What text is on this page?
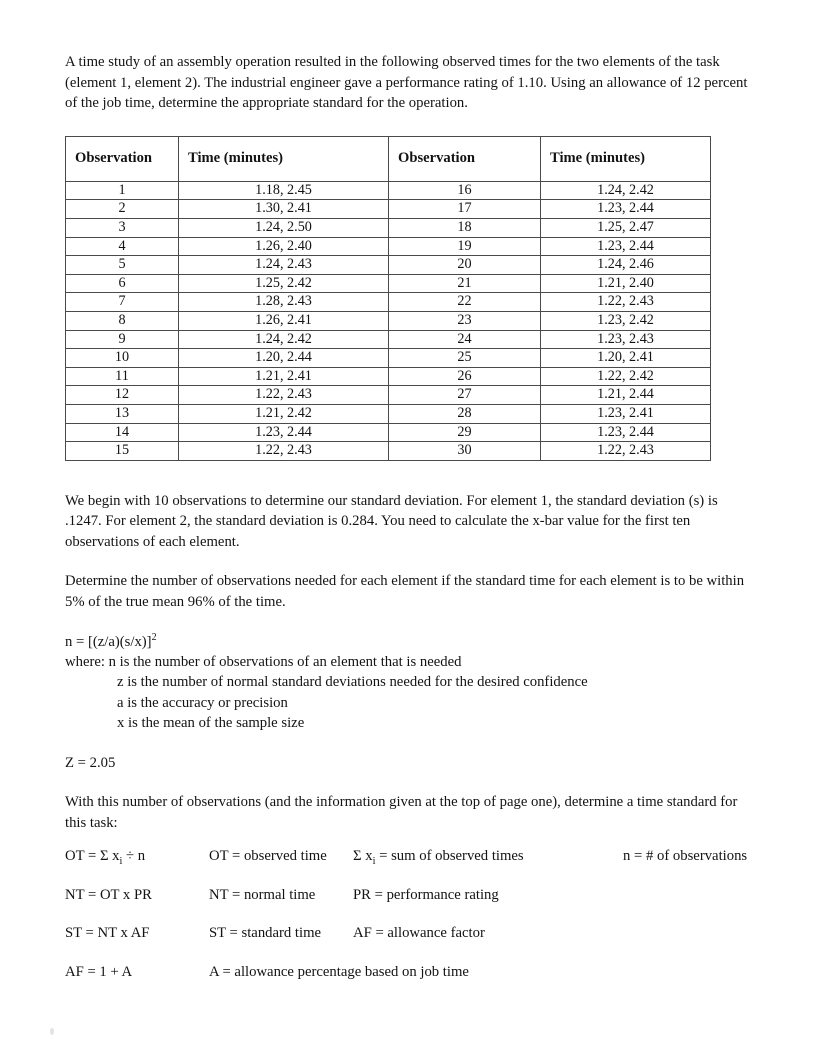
A time study of an assembly operation resulted in the following observed times for the two elements of the task (element 1, element 2). The industrial engineer gave a performance rating of 1.10. Using an allowance of 12 percent of the job time, determine the appropriate standard for the operation.

Observation	Time (minutes)	Observation	Time (minutes)
1	1.18, 2.45	16	1.24, 2.42
2	1.30, 2.41	17	1.23, 2.44
3	1.24, 2.50	18	1.25, 2.47
4	1.26, 2.40	19	1.23, 2.44
5	1.24, 2.43	20	1.24, 2.46
6	1.25, 2.42	21	1.21, 2.40
7	1.28, 2.43	22	1.22, 2.43
8	1.26, 2.41	23	1.23, 2.42
9	1.24, 2.42	24	1.23, 2.43
10	1.20, 2.44	25	1.20, 2.41
11	1.21, 2.41	26	1.22, 2.42
12	1.22, 2.43	27	1.21, 2.44
13	1.21, 2.42	28	1.23, 2.41
14	1.23, 2.44	29	1.23, 2.44
15	1.22, 2.43	30	1.22, 2.43

We begin with 10 observations to determine our standard deviation. For element 1, the standard deviation (s) is .1247. For element 2, the standard deviation is 0.284. You need to calculate the x-bar value for the first ten observations of each element.

Determine the number of observations needed for each element if the standard time for each element is to be within 5% of the true mean 96% of the time.

$n = [(z/a)(s/x)]^2$
where: n is the number of observations of an element that is needed
z is the number of normal standard deviations needed for the desired confidence
a is the accuracy or precision
x is the mean of the sample size
Z = 2.05

With this number of observations (and the information given at the top of page one), determine a time standard for this task:

OT = Σ $x_i \div n$	OT = observed time	Σ $x_i$ = sum of observed times	n = # of observations
NT = OT x PR	NT = normal time	PR = performance rating
ST = NT x AF	ST = standard time	AF = allowance factor
AF = 1 + A	A = allowance percentage based on job time
